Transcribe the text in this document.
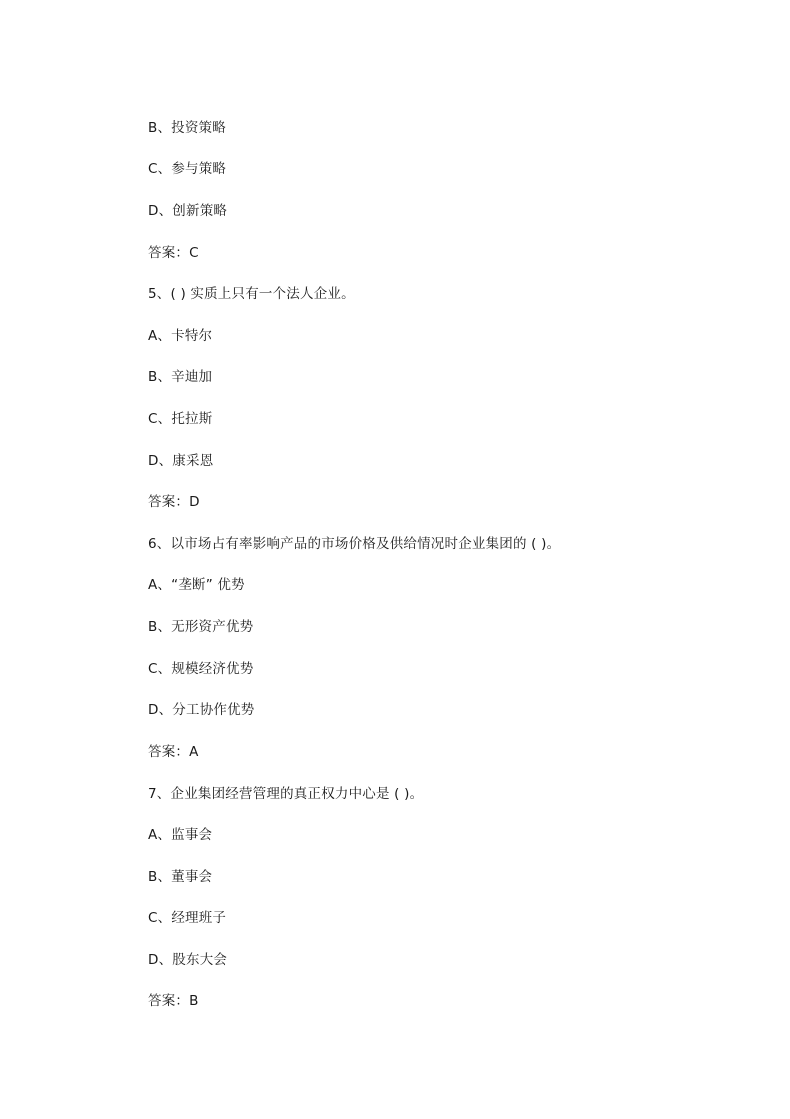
B、投资策略
C、参与策略
D、创新策略
答案：C
5、( ) 实质上只有一个法人企业。
A、卡特尔
B、辛迪加
C、托拉斯
D、康采恩
答案：D
6、以市场占有率影响产品的市场价格及供给情况时企业集团的 ( )。
A、“垄断” 优势
B、无形资产优势
C、规模经济优势
D、分工协作优势
答案：A
7、企业集团经营管理的真正权力中心是 ( )。
A、监事会
B、董事会
C、经理班子
D、股东大会
答案：B
